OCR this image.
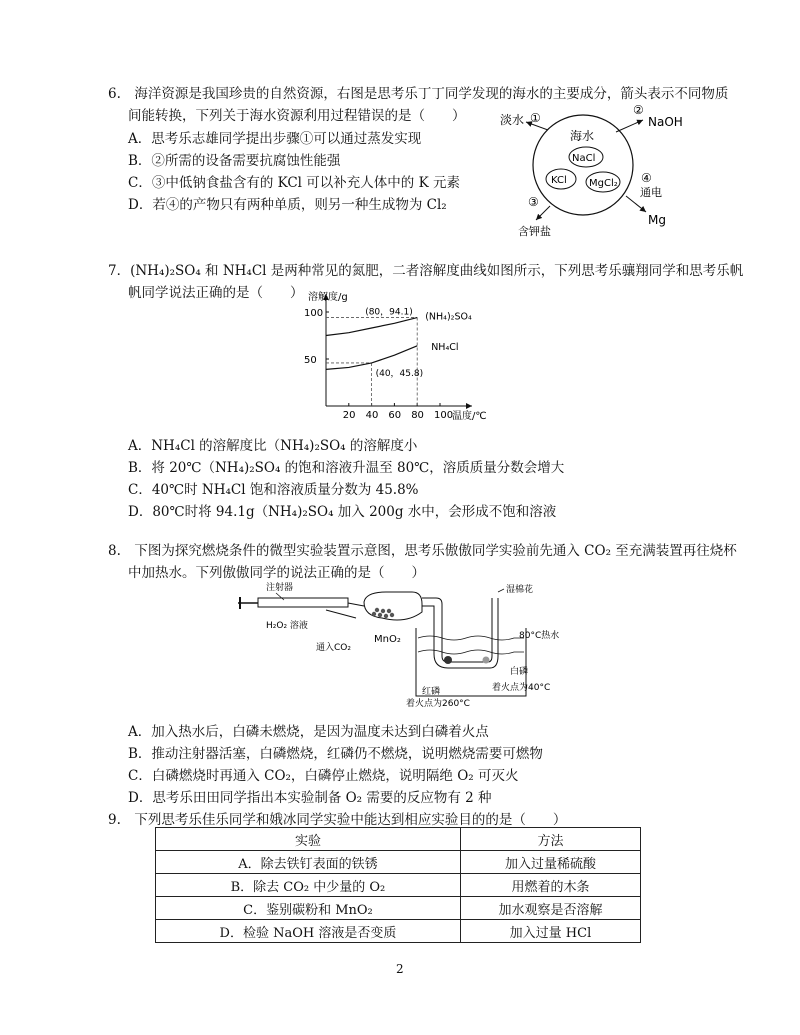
6.　海洋资源是我国珍贵的自然资源，右图是思考乐丁丁同学发现的海水的主要成分，箭头表示不同物质
间能转换，下列关于海水资源利用过程错误的是（　　）
A．思考乐志雄同学提出步骤①可以通过蒸发实现
B．②所需的设备需要抗腐蚀性能强
C．③中低钠食盐含有的 KCl 可以补充人体中的 K 元素
D．若④的产物只有两种单质，则另一种生成物为 Cl₂
海水
NaCl
KCl MgCl₂
淡水 ①
②
NaOH
③
含钾盐
④
通电
Mg
7．(NH₄)₂SO₄ 和 NH₄Cl 是两种常见的氮肥，二者溶解度曲线如图所示，下列思考乐骧翔同学和思考乐帆
帆同学说法正确的是（　　） 溶解度/g
温度/℃
20 40 60 80 100
50
100	(NH₄)₂SO₄
NH₄Cl
(80，94.1)
(40，45.8)
A．NH₄Cl 的溶解度比（NH₄)₂SO₄ 的溶解度小
B．将 20℃（NH₄)₂SO₄ 的饱和溶液升温至 80℃，溶质质量分数会增大
C．40℃时 NH₄Cl 饱和溶液质量分数为 45.8%
D．80℃时将 94.1g（NH₄)₂SO₄ 加入 200g 水中，会形成不饱和溶液
8.　下图为探究燃烧条件的微型实验装置示意图，思考乐傲傲同学实验前先通入 CO₂ 至充满装置再往烧杯
中加热水。下列傲傲同学的说法正确的是（　　）
注射器
H₂O₂ 溶液
通入CO₂
MnO₂
湿棉花
80°C热水
白磷
着火点为40°C
红磷
着火点为260°C
A．加入热水后，白磷未燃烧，是因为温度未达到白磷着火点
B．推动注射器活塞，白磷燃烧，红磷仍不燃烧，说明燃烧需要可燃物
C．白磷燃烧时再通入 CO₂，白磷停止燃烧，说明隔绝 O₂ 可灭火
D．思考乐田田同学指出本实验制备 O₂ 需要的反应物有 2 种
9.　下列思考乐佳乐同学和娥冰同学实验中能达到相应实验目的的是（　　）
实验	方法
A．除去铁钉表面的铁锈	加入过量稀硫酸
B．除去 CO₂ 中少量的 O₂	用燃着的木条
C．鉴别碳粉和 MnO₂	加水观察是否溶解
D．检验 NaOH 溶液是否变质	加入过量 HCl
2
